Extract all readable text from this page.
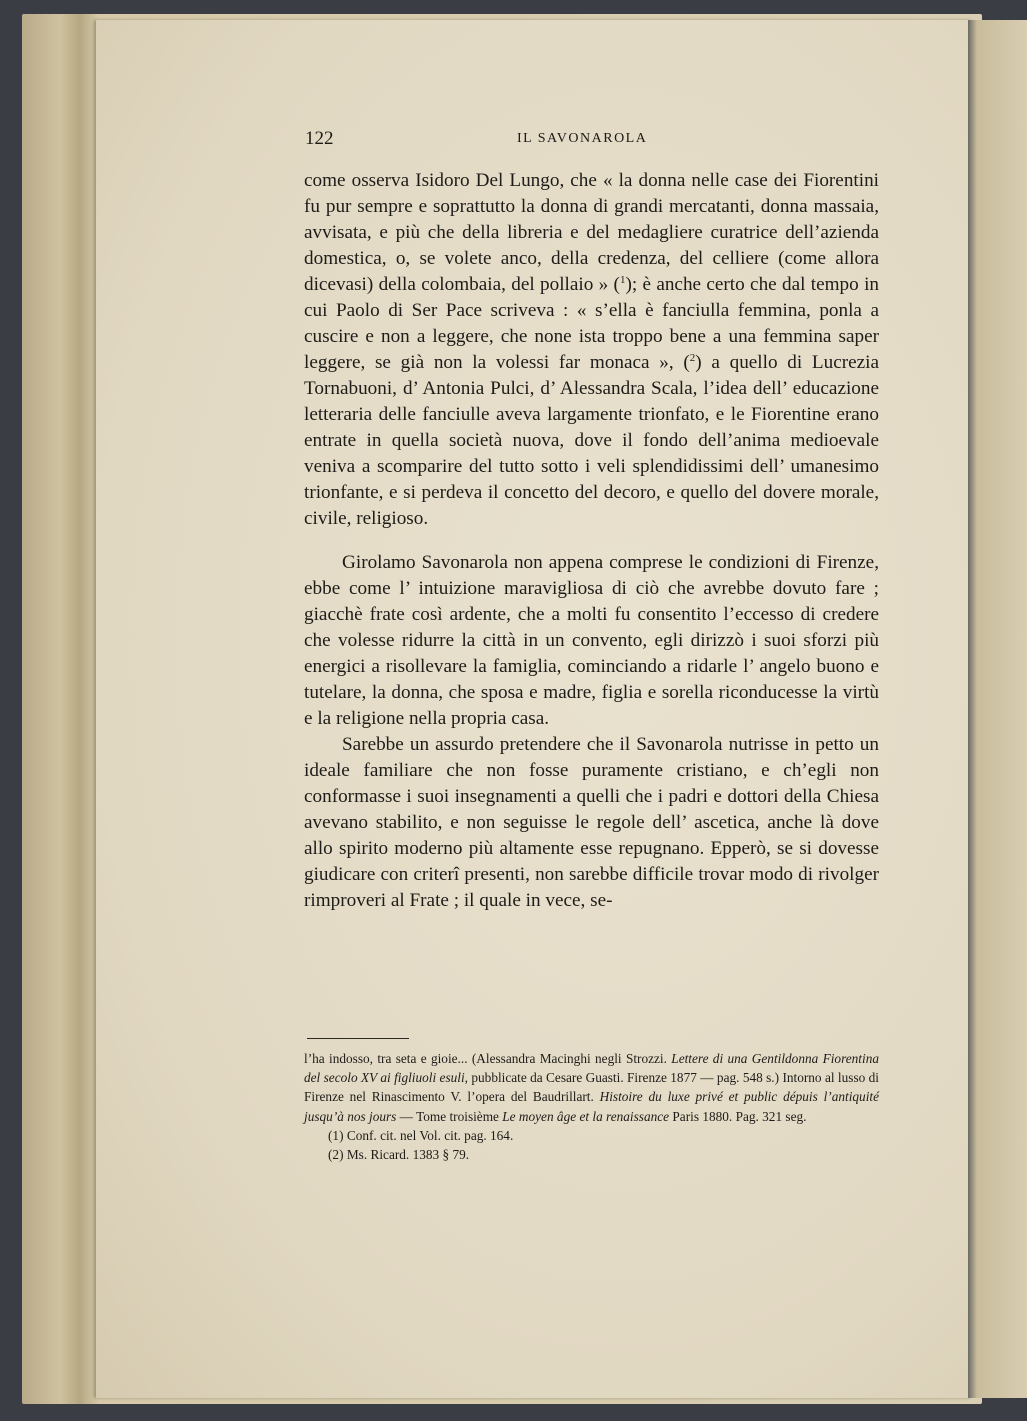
122	IL SAVONAROLA

come osserva Isidoro Del Lungo, che « la donna nelle case dei Fiorentini fu pur sempre e soprattutto la donna di grandi mercatanti, donna massaia, avvisata, e più che della libreria e del medagliere curatrice dell’azienda domestica, o, se volete anco, della credenza, del celliere (come allora dicevasi) della colombaia, del pollaio » ($^1$); è anche certo che dal tempo in cui Paolo di Ser Pace scriveva : « s’ella è fanciulla femmina, ponla a cuscire e non a leggere, che none ista troppo bene a una femmina saper leggere, se già non la volessi far monaca », ($^2$) a quello di Lucrezia Tornabuoni, d’ Antonia Pulci, d’ Alessandra Scala, l’idea dell’ educazione letteraria delle fanciulle aveva largamente trionfato, e le Fiorentine erano entrate in quella società nuova, dove il fondo dell’anima medioevale veniva a scomparire del tutto sotto i veli splendidissimi dell’ umanesimo trionfante, e si perdeva il concetto del decoro, e quello del dovere morale, civile, religioso.

Girolamo Savonarola non appena comprese le condizioni di Firenze, ebbe come l’ intuizione maravigliosa di ciò che avrebbe dovuto fare ; giacchè frate così ardente, che a molti fu consentito l’eccesso di credere che volesse ridurre la città in un convento, egli dirizzò i suoi sforzi più energici a risollevare la famiglia, cominciando a ridarle l’ angelo buono e tutelare, la donna, che sposa e madre, figlia e sorella riconducesse la virtù e la religione nella propria casa.

Sarebbe un assurdo pretendere che il Savonarola nutrisse in petto un ideale familiare che non fosse puramente cristiano, e ch’egli non conformasse i suoi insegnamenti a quelli che i padri e dottori della Chiesa avevano stabilito, e non seguisse le regole dell’ ascetica, anche là dove allo spirito moderno più altamente esse repugnano. Epperò, se si dovesse giudicare con criterî presenti, non sarebbe difficile trovar modo di rivolger rimproveri al Frate ; il quale in vece, se-

l’ha indosso, tra seta e gioie... (Alessandra Macinghi negli Strozzi. Lettere di una Gentildonna Fiorentina del secolo XV ai figliuoli esuli, pubblicate da Cesare Guasti. Firenze 1877 — pag. 548 s.) Intorno al lusso di Firenze nel Rinascimento V. l’opera del Baudrillart. Histoire du luxe privé et public dépuis l’antiquité jusqu’à nos jours — Tome troisième Le moyen âge et la renaissance Paris 1880. Pag. 321 seg.

(1) Conf. cit. nel Vol. cit. pag. 164.

(2) Ms. Ricard. 1383 § 79.
